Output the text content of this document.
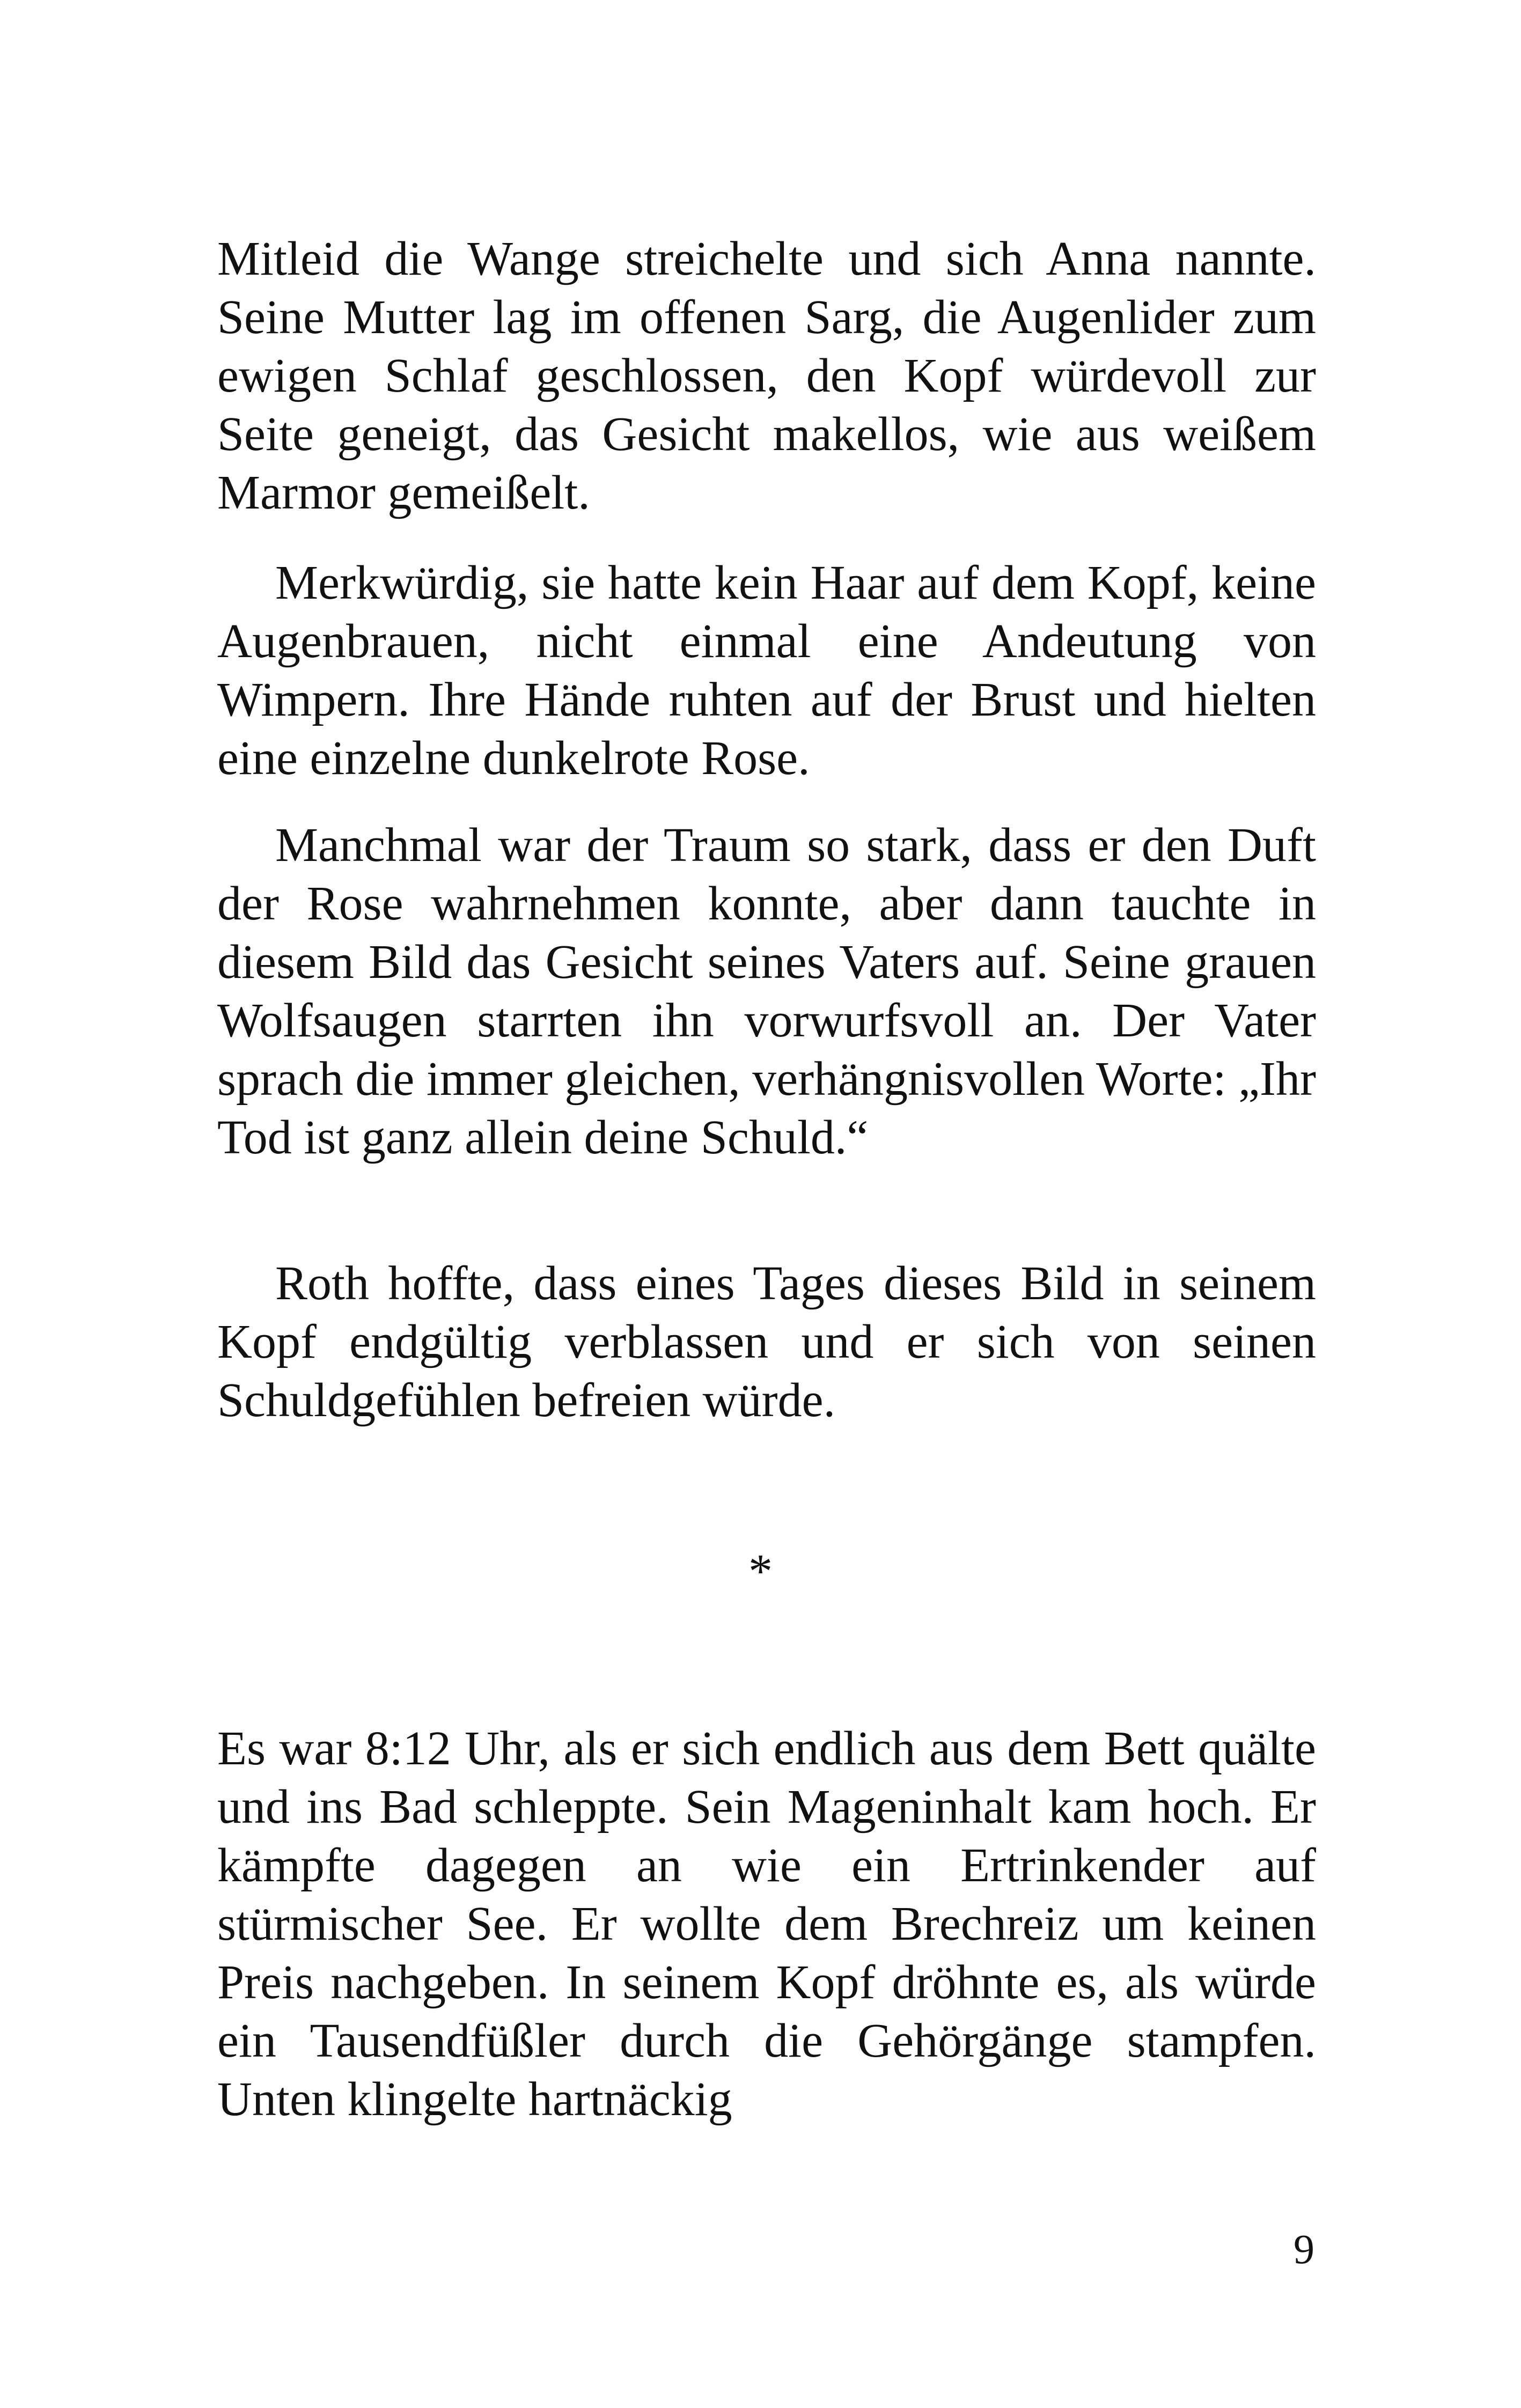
Mitleid die Wange streichelte und sich Anna nannte. Seine Mutter lag im offenen Sarg, die Augenlider zum ewigen Schlaf geschlossen, den Kopf würdevoll zur Seite geneigt, das Gesicht makellos, wie aus weißem Marmor gemeißelt.

Merkwürdig, sie hatte kein Haar auf dem Kopf, keine Augenbrauen, nicht einmal eine Andeutung von Wimpern. Ihre Hände ruhten auf der Brust und hielten eine einzelne dunkelrote Rose.

Manchmal war der Traum so stark, dass er den Duft der Rose wahrnehmen konnte, aber dann tauchte in diesem Bild das Gesicht seines Vaters auf. Seine grauen Wolfsaugen starrten ihn vorwurfsvoll an. Der Vater sprach die immer gleichen, verhängnisvollen Worte: „Ihr Tod ist ganz allein deine Schuld.“

Roth hoffte, dass eines Tages dieses Bild in seinem Kopf endgültig verblassen und er sich von seinen Schuldgefühlen befreien würde.

*

Es war 8:12 Uhr, als er sich endlich aus dem Bett quälte und ins Bad schleppte. Sein Mageninhalt kam hoch. Er kämpfte dagegen an wie ein Ertrinkender auf stürmischer See. Er wollte dem Brechreiz um keinen Preis nachgeben. In seinem Kopf dröhnte es, als würde ein Tausendfüßler durch die Gehörgänge stampfen. Unten klingelte hartnäckig

9
